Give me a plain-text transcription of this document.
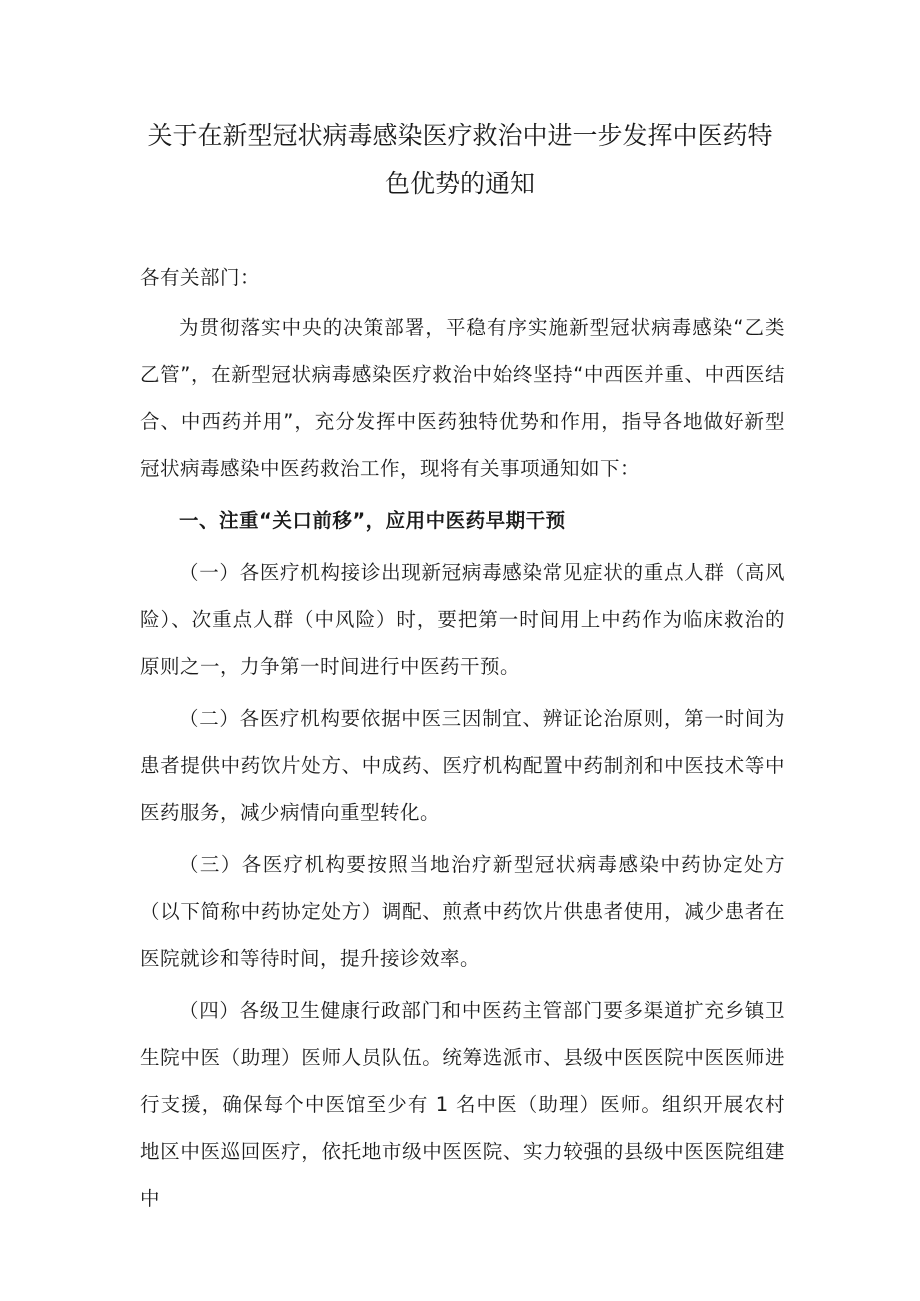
关于在新型冠状病毒感染医疗救治中进一步发挥中医药特色优势的通知

各有关部门：

为贯彻落实中央的决策部署，平稳有序实施新型冠状病毒感染“乙类乙管”，在新型冠状病毒感染医疗救治中始终坚持“中西医并重、中西医结合、中西药并用”，充分发挥中医药独特优势和作用，指导各地做好新型冠状病毒感染中医药救治工作，现将有关事项通知如下：

一、注重“关口前移”，应用中医药早期干预

（一）各医疗机构接诊出现新冠病毒感染常见症状的重点人群（高风险）、次重点人群（中风险）时，要把第一时间用上中药作为临床救治的原则之一，力争第一时间进行中医药干预。

（二）各医疗机构要依据中医三因制宜、辨证论治原则，第一时间为患者提供中药饮片处方、中成药、医疗机构配置中药制剂和中医技术等中医药服务，减少病情向重型转化。

（三）各医疗机构要按照当地治疗新型冠状病毒感染中药协定处方（以下简称中药协定处方）调配、煎煮中药饮片供患者使用，减少患者在医院就诊和等待时间，提升接诊效率。

（四）各级卫生健康行政部门和中医药主管部门要多渠道扩充乡镇卫生院中医（助理）医师人员队伍。统筹选派市、县级中医医院中医医师进行支援，确保每个中医馆至少有 1 名中医（助理）医师。组织开展农村地区中医巡回医疗，依托地市级中医医院、实力较强的县级中医医院组建中
